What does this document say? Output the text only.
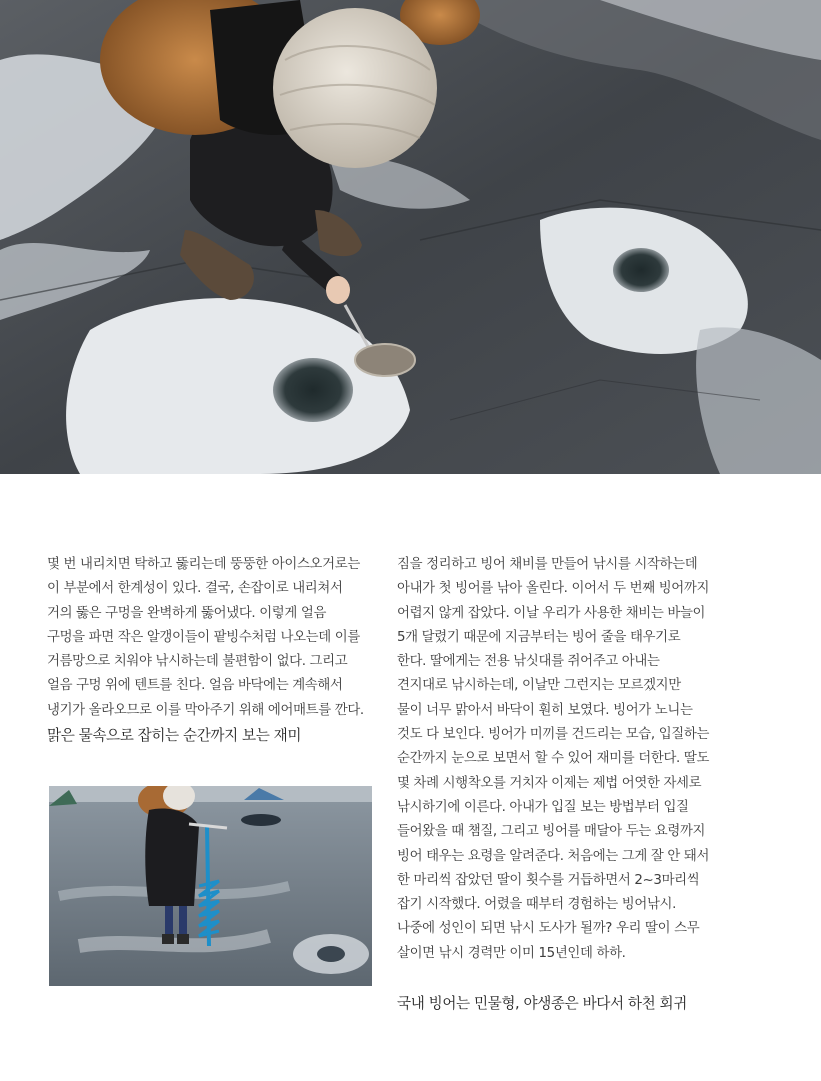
몇 번 내리치면 탁하고 뚫리는데 뚱뚱한 아이스오거로는
이 부분에서 한계성이 있다. 결국, 손잡이로 내리쳐서
거의 뚫은 구멍을 완벽하게 뚫어냈다. 이렇게 얼음
구멍을 파면 작은 알갱이들이 팥빙수처럼 나오는데 이를
거름망으로 치워야 낚시하는데 불편함이 없다. 그리고
얼음 구멍 위에 텐트를 친다. 얼음 바닥에는 계속해서
냉기가 올라오므로 이를 막아주기 위해 에어매트를 깐다.
맑은 물속으로 잡히는 순간까지 보는 재미
짐을 정리하고 빙어 채비를 만들어 낚시를 시작하는데
아내가 첫 빙어를 낚아 올린다. 이어서 두 번째 빙어까지
어렵지 않게 잡았다. 이날 우리가 사용한 채비는 바늘이
5개 달렸기 때문에 지금부터는 빙어 줄을 태우기로
한다. 딸에게는 전용 낚싯대를 쥐어주고 아내는
견지대로 낚시하는데, 이날만 그런지는 모르겠지만
물이 너무 맑아서 바닥이 훤히 보였다. 빙어가 노니는
것도 다 보인다. 빙어가 미끼를 건드리는 모습, 입질하는
순간까지 눈으로 보면서 할 수 있어 재미를 더한다. 딸도
몇 차례 시행착오를 거치자 이제는 제법 어엿한 자세로
낚시하기에 이른다. 아내가 입질 보는 방법부터 입질
들어왔을 때 챔질, 그리고 빙어를 매달아 두는 요령까지
빙어 태우는 요령을 알려준다. 처음에는 그게 잘 안 돼서
한 마리씩 잡았던 딸이 횟수를 거듭하면서 2~3마리씩
잡기 시작했다. 어렸을 때부터 경험하는 빙어낚시.
나중에 성인이 되면 낚시 도사가 될까? 우리 딸이 스무
살이면 낚시 경력만 이미 15년인데 하하.
국내 빙어는 민물형, 야생종은 바다서 하천 회귀
